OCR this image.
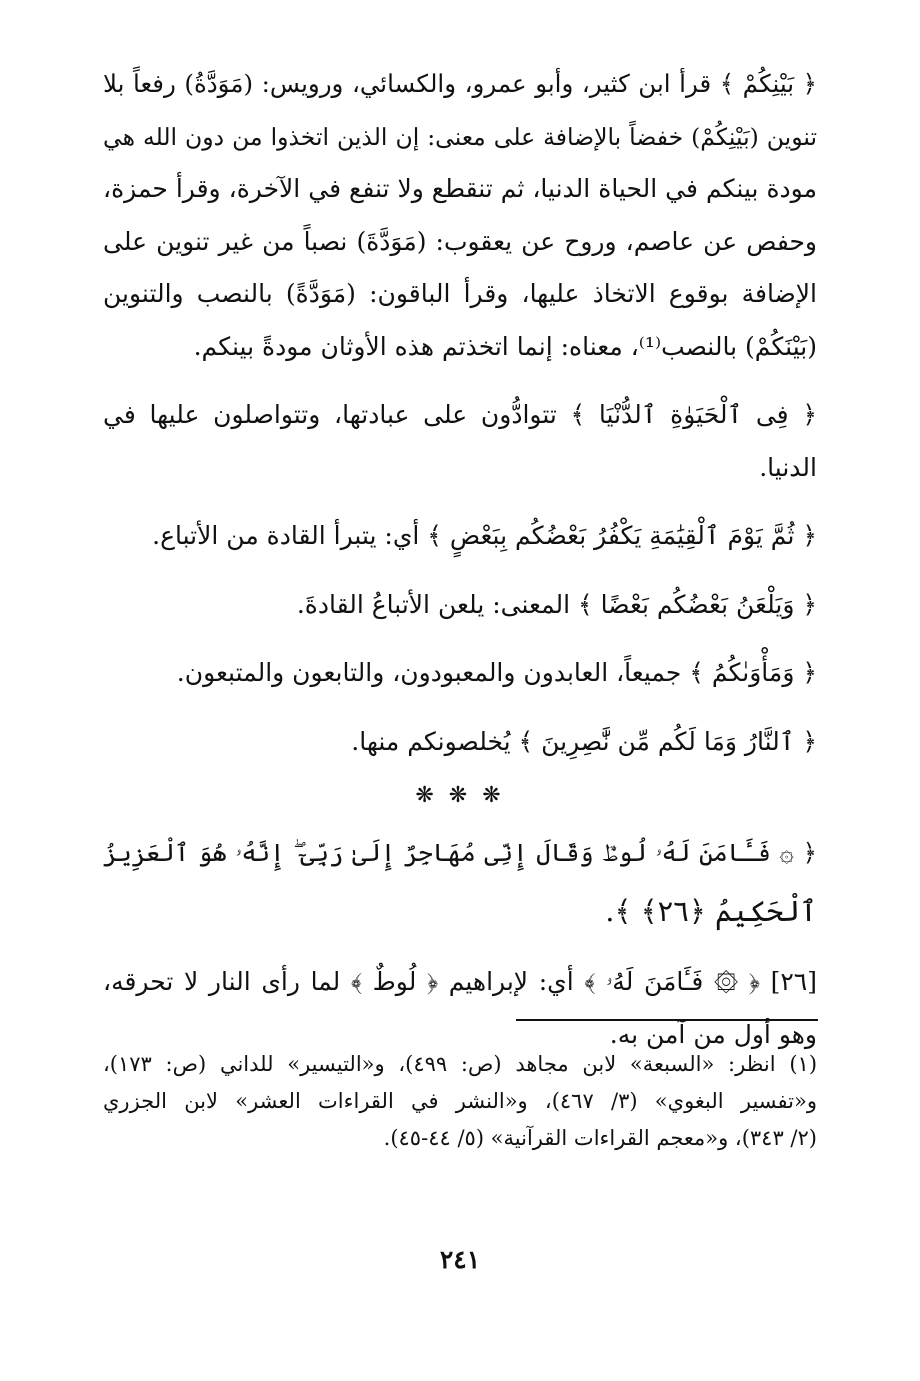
﴿ بَيْنِكُمْ ﴾ قرأ ابن كثير، وأبو عمرو، والكسائي، ورويس: (مَوَدَّةُ) رفعاً بلا
تنوين (بَيْنِكُمْ) خفضاً بالإضافة على معنى: إن الذين اتخذوا من دون الله هي
مودة بينكم في الحياة الدنيا، ثم تنقطع ولا تنفع في الآخرة، وقرأ حمزة،
وحفص عن عاصم، وروح عن يعقوب: (مَوَدَّةَ) نصباً من غير تنوين على
الإضافة بوقوع الاتخاذ عليها، وقرأ الباقون: (مَوَدَّةً) بالنصب والتنوين
(بَيْنَكُمْ) بالنصب⁽¹⁾، معناه: إنما اتخذتم هذه الأوثان مودةً بينكم.
﴿ فِى ٱلْحَيَوٰةِ ٱلدُّنْيَا ﴾ تتوادُّون على عبادتها، وتتواصلون عليها في
الدنيا.
﴿ ثُمَّ يَوْمَ ٱلْقِيَٰمَةِ يَكْفُرُ بَعْضُكُم بِبَعْضٍ ﴾ أي: يتبرأ القادة من الأتباع.
﴿ وَيَلْعَنُ بَعْضُكُم بَعْضًا ﴾ المعنى: يلعن الأتباعُ القادةَ.
﴿ وَمَأْوَىٰكُمُ ﴾ جميعاً، العابدون والمعبودون، والتابعون والمتبعون.
﴿ ٱلنَّارُ وَمَا لَكُم مِّن نَّٰصِرِينَ ﴾ يُخلصونكم منها.
❋ ❋ ❋
﴿ ۞ فَـَٔامَنَ لَهُۥ لُوطٌۘ وَقَالَ إِنِّى مُهَاجِرٌ إِلَىٰ رَبِّىٓ ۖ إِنَّهُۥ هُوَ ٱلْعَزِيزُ
ٱلْحَكِيمُ ﴿٢٦﴾ ﴾.
[٢٦] ﴿ ۞ فَـَٔامَنَ لَهُۥ ﴾ أي: لإبراهيم ﴿ لُوطٌ ﴾ لما رأى النار لا تحرقه،
وهو أول من آمن به.
(١) انظر: «السبعة» لابن مجاهد (ص: ٤٩٩)، و«التيسير» للداني (ص: ١٧٣)،
و«تفسير البغوي» (٣/ ٤٦٧)، و«النشر في القراءات العشر» لابن الجزري
(٢/ ٣٤٣)، و«معجم القراءات القرآنية» (٥/ ٤٤-٤٥).
٢٤١
